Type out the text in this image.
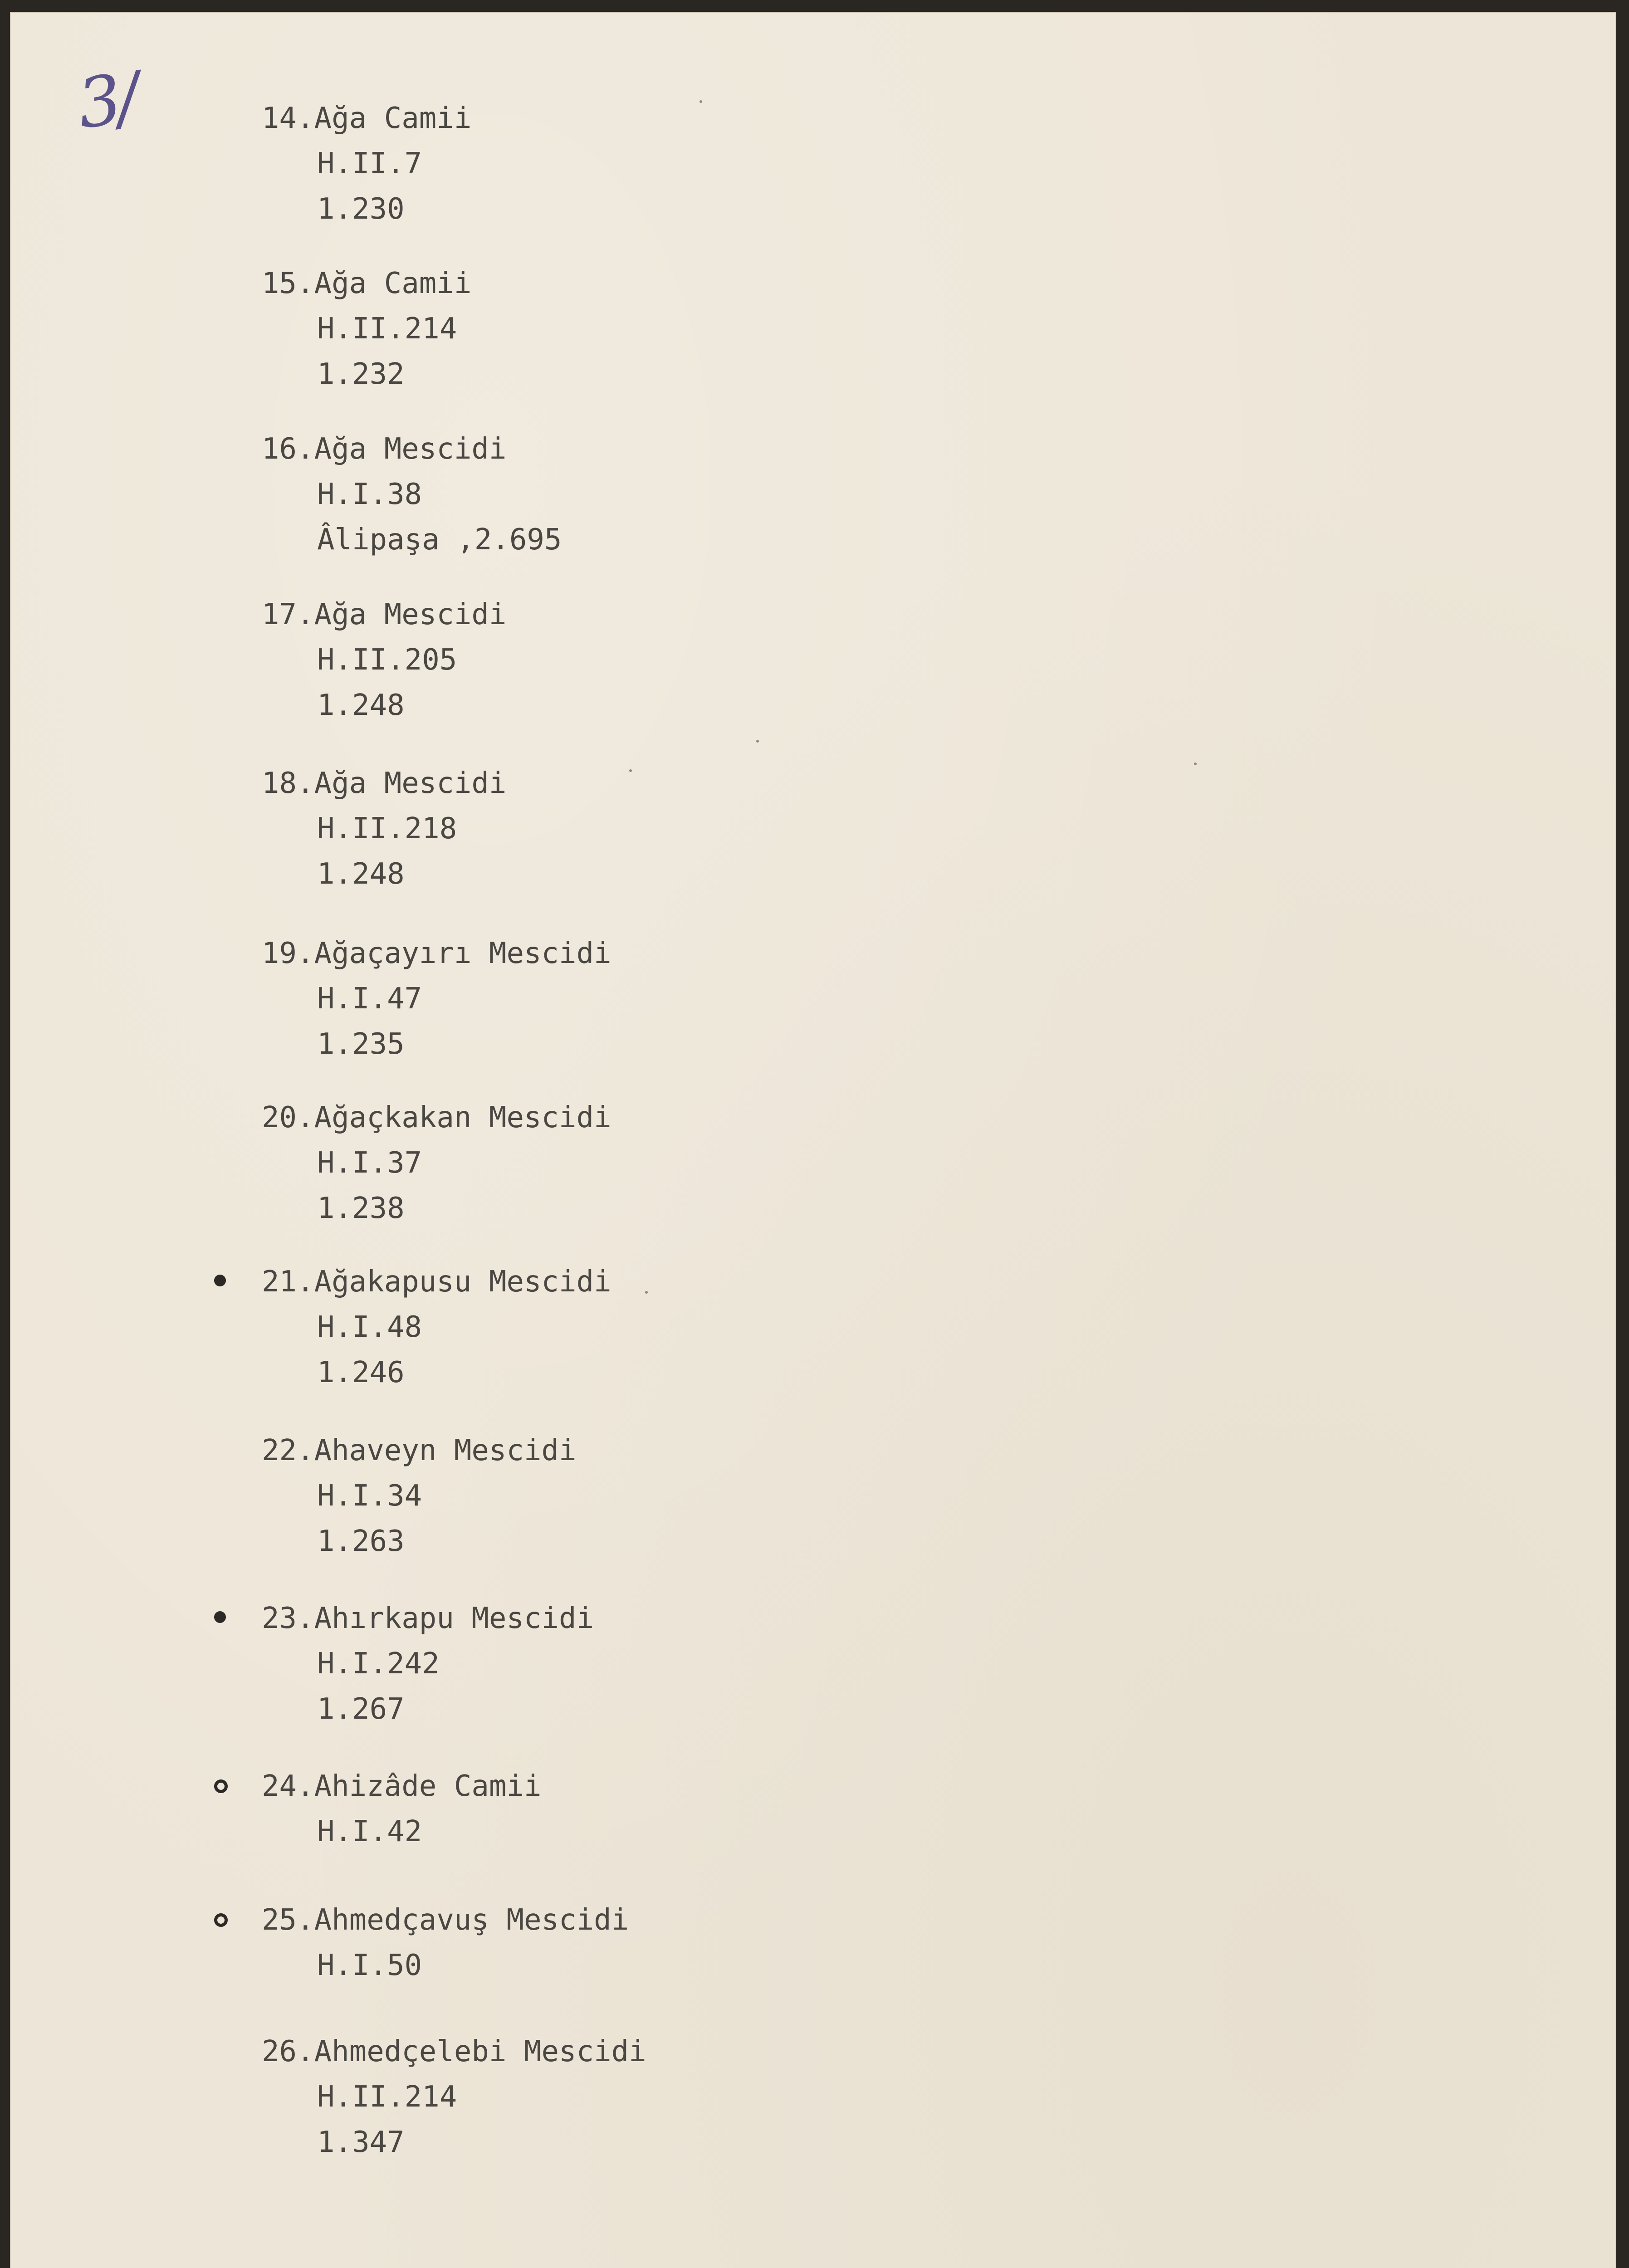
3/	14.Ağa Camii
H.II.7
1.230
15.Ağa Camii
H.II.214
1.232
16.Ağa Mescidi
H.I.38
Âlipaşa ,2.695
17.Ağa Mescidi
H.II.205
1.248
18.Ağa Mescidi
H.II.218
1.248
19.Ağaçayırı Mescidi
H.I.47
1.235
20.Ağaçkakan Mescidi
H.I.37
1.238
21.Ağakapusu Mescidi
H.I.48
1.246
22.Ahaveyn Mescidi
H.I.34
1.263
23.Ahırkapu Mescidi
H.I.242
1.267
24.Ahizâde Camii
H.I.42
25.Ahmedçavuş Mescidi
H.I.50
26.Ahmedçelebi Mescidi
H.II.214
1.347
